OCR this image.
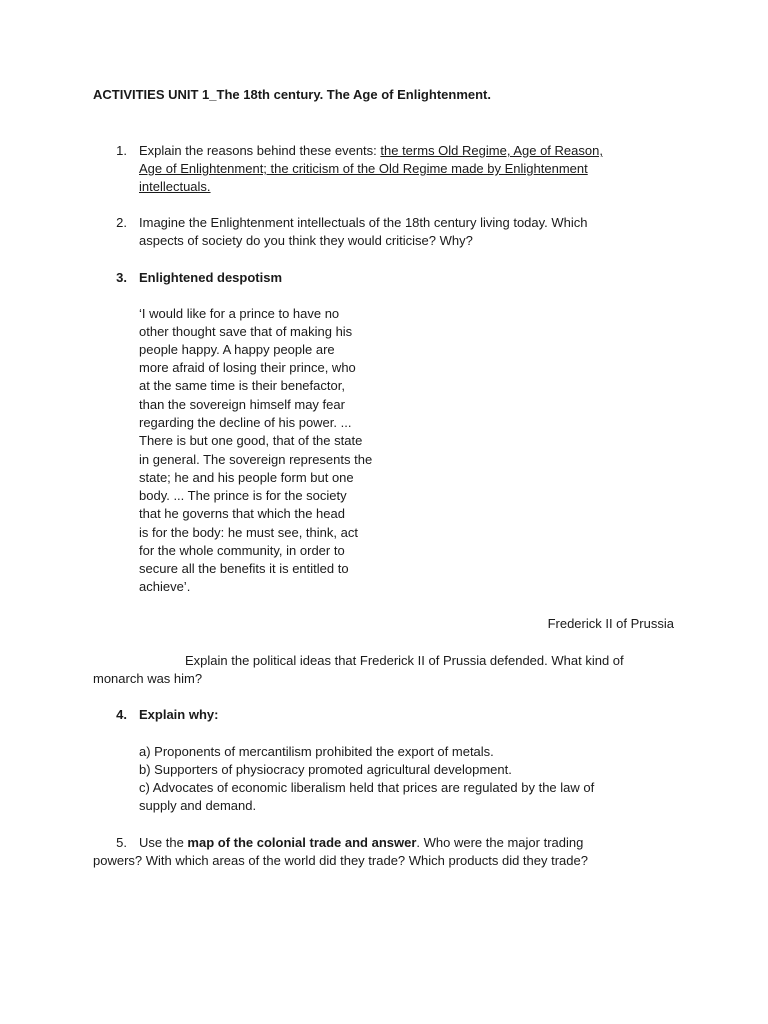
ACTIVITIES UNIT 1_The 18th century. The Age of Enlightenment.
1. Explain the reasons behind these events: the terms Old Regime, Age of Reason,
Age of Enlightenment; the criticism of the Old Regime made by Enlightenment
intellectuals.
2. Imagine the Enlightenment intellectuals of the 18th century living today. Which
aspects of society do you think they would criticise? Why?
3. Enlightened despotism
‘I would like for a prince to have no
other thought save that of making his
people happy. A happy people are
more afraid of losing their prince, who
at the same time is their benefactor,
than the sovereign himself may fear
regarding the decline of his power. ...
There is but one good, that of the state
in general. The sovereign represents the
state; he and his people form but one
body. ... The prince is for the society
that he governs that which the head
is for the body: he must see, think, act
for the whole community, in order to
secure all the benefits it is entitled to
achieve’.
Frederick II of Prussia
Explain the political ideas that Frederick II of Prussia defended. What kind of
monarch was him?
4. Explain why:
a) Proponents of mercantilism prohibited the export of metals.
b) Supporters of physiocracy promoted agricultural development.
c) Advocates of economic liberalism held that prices are regulated by the law of
supply and demand.
5. Use the map of the colonial trade and answer. Who were the major trading
powers? With which areas of the world did they trade? Which products did they trade?
